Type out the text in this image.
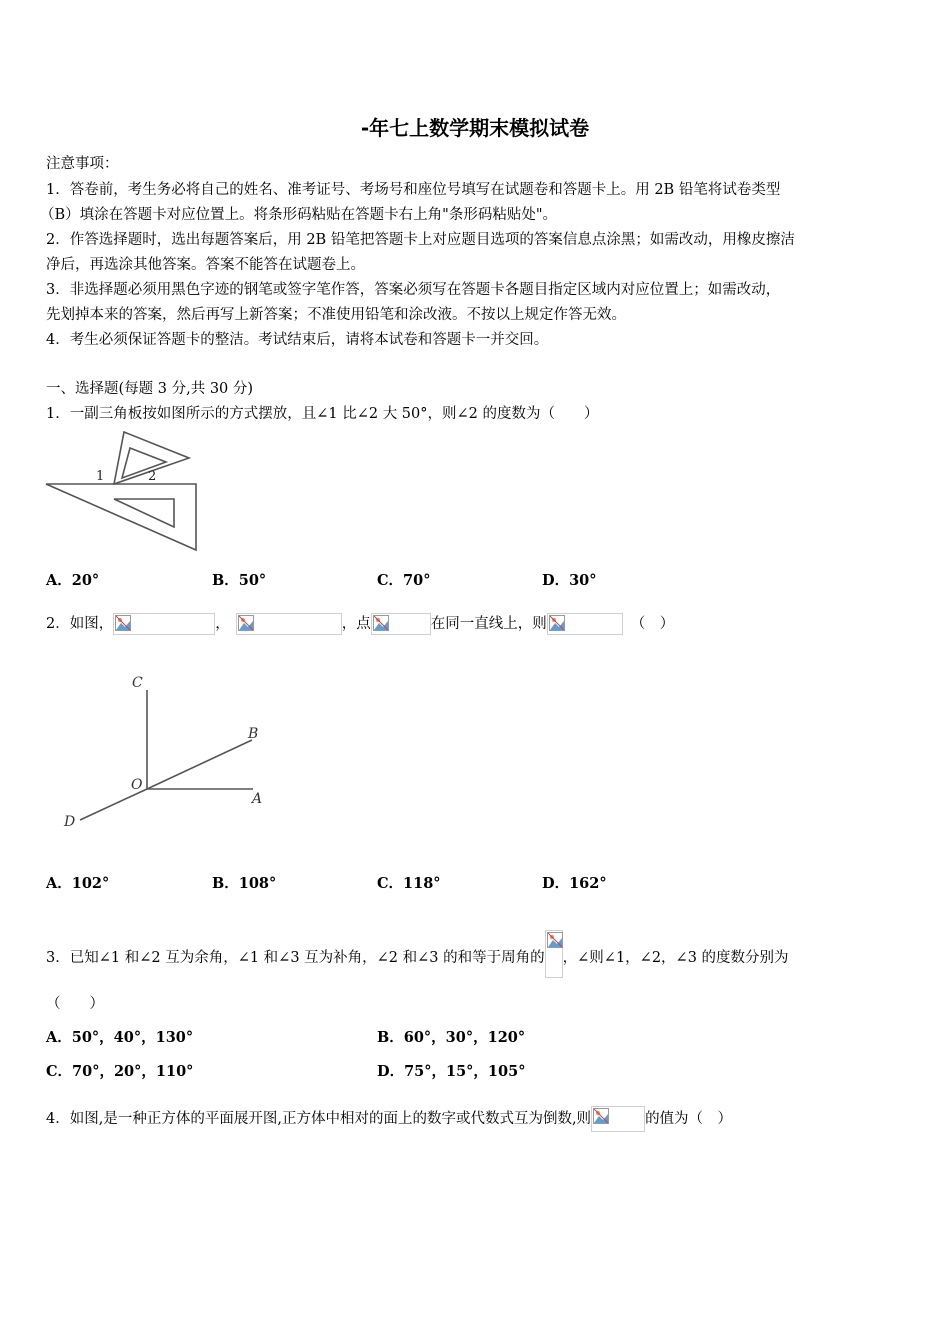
-年七上数学期末模拟试卷
注意事项：
1．答卷前，考生务必将自己的姓名、准考证号、考场号和座位号填写在试题卷和答题卡上。用 2B 铅笔将试卷类型
（B）填涂在答题卡对应位置上。将条形码粘贴在答题卡右上角"条形码粘贴处"。
2．作答选择题时，选出每题答案后，用 2B 铅笔把答题卡上对应题目选项的答案信息点涂黑；如需改动，用橡皮擦洁
净后，再选涂其他答案。答案不能答在试题卷上。
3．非选择题必须用黑色字迹的钢笔或签字笔作答，答案必须写在答题卡各题目指定区域内对应位置上；如需改动，
先划掉本来的答案，然后再写上新答案；不准使用铅笔和涂改液。不按以上规定作答无效。
4．考生必须保证答题卡的整洁。考试结束后，请将本试卷和答题卡一并交回。
一、选择题(每题 3 分,共 30 分)
1．一副三角板按如图所示的方式摆放，且∠1 比∠2 大 50°，则∠2 的度数为（　　）
1	2
A．20°	B．50°	C．70°	D．30°
2．如图，	，	，点	在同一直线上，则	（　）
C
B
O
A
D
A．102°	B．108°	C．118°	D．162°
3．已知∠1 和∠2 互为余角，∠1 和∠3 互为补角，∠2 和∠3 的和等于周角的 ，∠则∠1，∠2，∠3 的度数分别为
（　　）
A．50°，40°，130°	B．60°，30°，120°
C．70°，20°，110°	D．75°，15°，105°
4．如图,是一种正方体的平面展开图,正方体中相对的面上的数字或代数式互为倒数,则	的值为（　）
